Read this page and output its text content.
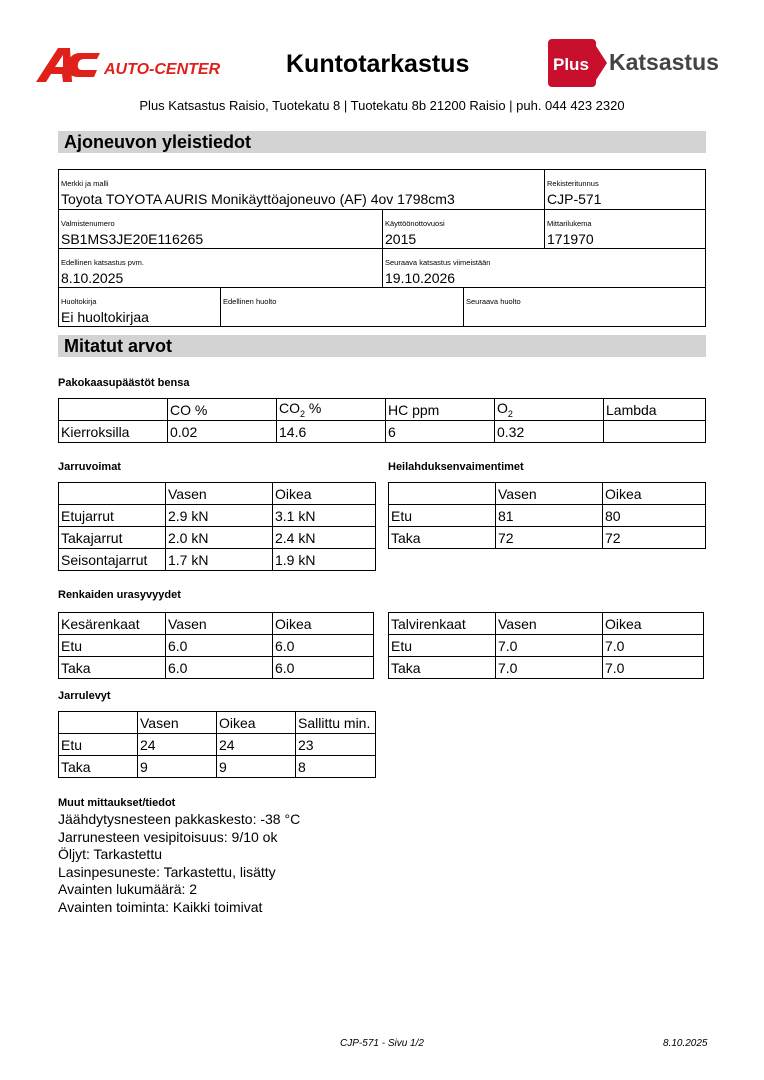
AUTO-CENTER	Kuntotarkastus	Plus Katsastus
Plus Katsastus Raisio, Tuotekatu 8 | Tuotekatu 8b 21200 Raisio | puh. 044 423 2320
Ajoneuvon yleistiedot
Merkki ja malli
Toyota TOYOTA AURIS Monikäyttöajoneuvo (AF) 4ov 1798cm3
Rekisteritunnus
CJP-571
Valmistenumero
SB1MS3JE20E116265
Käyttöönottovuosi
2015
Mittarilukema
171970
Edellinen katsastus pvm.
8.10.2025
Seuraava katsastus viimeistään
19.10.2026
Huoltokirja
Ei huoltokirjaa
Edellinen huolto	Seuraava huolto
Mitatut arvot
Pakokaasupäästöt bensa
	CO %	$CO_2$ %	HC ppm	$O_2$	Lambda
Kierroksilla	0.02	14.6	6	0.32	
Jarruvoimat
	Vasen	Oikea
Etujarrut	2.9 kN	3.1 kN
Takajarrut	2.0 kN	2.4 kN
Seisontajarrut	1.7 kN	1.9 kN
Heilahduksenvaimentimet
	Vasen	Oikea
Etu	81	80
Taka	72	72
Renkaiden urasyvyydet
Kesärenkaat	Vasen	Oikea
Etu	6.0	6.0
Taka	6.0	6.0
Talvirenkaat	Vasen	Oikea
Etu	7.0	7.0
Taka	7.0	7.0
Jarrulevyt
	Vasen	Oikea	Sallittu min.
Etu	24	24	23
Taka	9	9	8
Muut mittaukset/tiedot
Jäähdytysnesteen pakkaskesto: -38 °C
Jarrunesteen vesipitoisuus: 9/10 ok
Öljyt: Tarkastettu
Lasinpesuneste: Tarkastettu, lisätty
Avainten lukumäärä: 2
Avainten toiminta: Kaikki toimivat
CJP-571 - Sivu 1/2	8.10.2025
